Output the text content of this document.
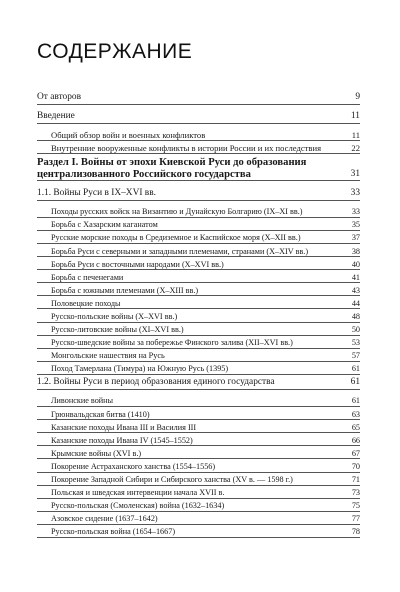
СОДЕРЖАНИЕ
От авторов	9
Введение	11
Общий обзор войн и военных конфликтов	11
Внутренние вооруженные конфликты в истории России и их последствия	22
Раздел I. Войны от эпохи Киевской Руси до образования централизованного Российского государства	31
1.1. Войны Руси в IX–XVI вв.	33
Походы русских войск на Византию и Дунайскую Болгарию (IX–XI вв.)	33
Борьба с Хазарским каганатом	35
Русские морские походы в Средиземное и Каспийское моря (X–XII вв.)	37
Борьба Руси с северными и западными племенами, странами (X–XIV вв.)	38
Борьба Руси с восточными народами (X–XVI вв.)	40
Борьба с печенегами	41
Борьба с южными племенами (X–XIII вв.)	43
Половецкие походы	44
Русско-польские войны (X–XVI вв.)	48
Русско-литовские войны (XI–XVI вв.)	50
Русско-шведские войны за побережье Финского залива (XII–XVI вв.)	53
Монгольские нашествия на Русь	57
Поход Тамерлана (Тимура) на Южную Русь (1395)	61
1.2. Войны Руси в период образования единого государства	61
Ливонские войны	61
Грюнвальдская битва (1410)	63
Казанские походы Ивана III и Василия III	65
Казанские походы Ивана IV (1545–1552)	66
Крымские войны (XVI в.)	67
Покорение Астраханского ханства (1554–1556)	70
Покорение Западной Сибири и Сибирского ханства (XV в. — 1598 г.)	71
Польская и шведская интервенции начала XVII в.	73
Русско-польская (Смоленская) война (1632–1634)	75
Азовское сидение (1637–1642)	77
Русско-польская война (1654–1667)	78
